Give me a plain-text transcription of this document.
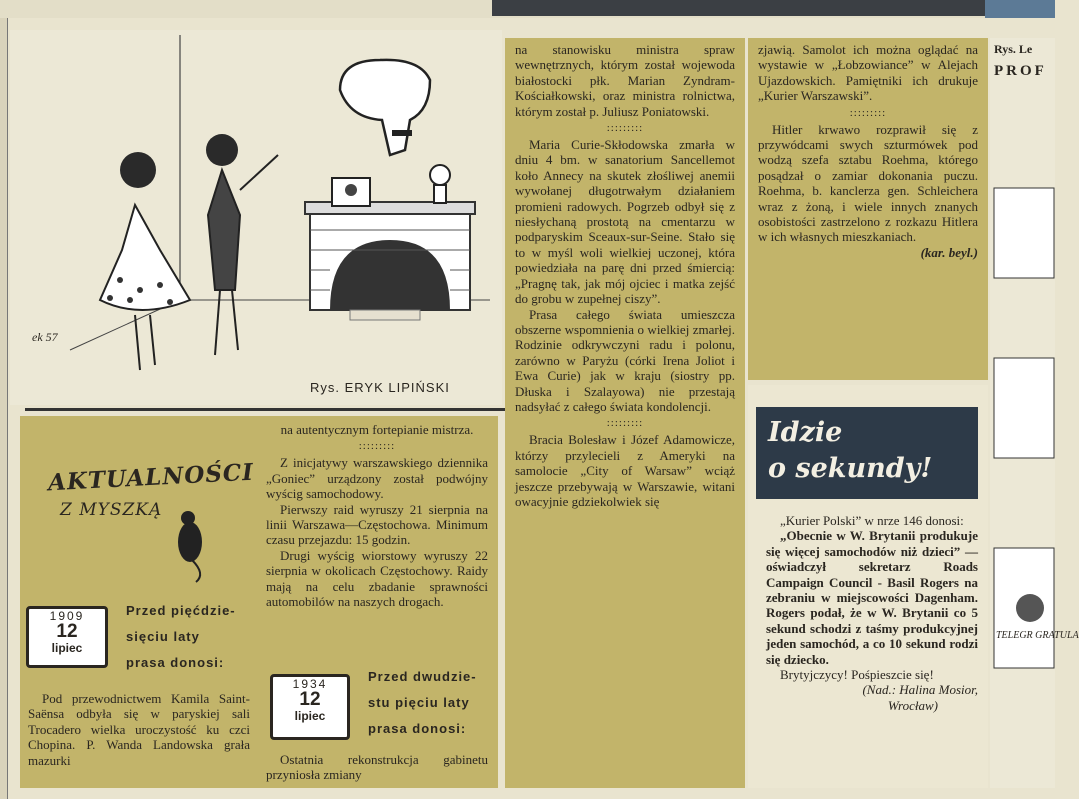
ek 57
Rys. ERYK LIPIŃSKI
AKTUALNOŚCI
Z MYSZKĄ
1909
12
lipiec
Przed pięćdzie-
sięciu laty
prasa donosi:

Pod przewodnictwem Kamila Saint-Saënsa odbyła się w paryskiej sali Trocadero wielka uroczystość ku czci Chopina. P. Wanda Landowska grała mazurki

na autentycznym fortepianie mistrza.
:::::::::

Z inicjatywy warszawskiego dziennika „Goniec” urządzony został podwójny wyścig samochodowy.

Pierwszy raid wyruszy 21 sierpnia na linii Warszawa—Częstochowa. Minimum czasu przejazdu: 15 godzin.

Drugi wyścig wiorstowy wyruszy 22 sierpnia w okolicach Częstochowy. Raidy mają na celu zbadanie sprawności automobilów na naszych drogach.

1934
12
lipiec
Przed dwudzie-
stu pięciu laty
prasa donosi:

Ostatnia rekonstrukcja gabinetu przyniosła zmiany

na stanowisku ministra spraw wewnętrznych, którym został wojewoda białostocki płk. Marian Zyndram-Kościałkowski, oraz ministra rolnictwa, którym został p. Juliusz Poniatowski.
:::::::::

Maria Curie-Skłodowska zmarła w dniu 4 bm. w sanatorium Sancellemot koło Annecy na skutek złośliwej anemii wywołanej długotrwałym działaniem promieni radowych. Pogrzeb odbył się z niesłychaną prostotą na cmentarzu w podparyskim Sceaux-sur-Seine. Stało się to w myśl woli wielkiej uczonej, która powiedziała na parę dni przed śmiercią: „Pragnę tak, jak mój ojciec i matka zejść do grobu w zupełnej ciszy”.

Prasa całego świata umieszcza obszerne wspomnienia o wielkiej zmarłej. Rodzinie odkrywczyni radu i polonu, zarówno w Paryżu (córki Irena Joliot i Ewa Curie) jak w kraju (siostry pp. Dłuska i Szalayowa) nie przestają nadsyłać z całego świata kondolencji.

:::::::::

Bracia Bolesław i Józef Adamowicze, którzy przylecieli z Ameryki na samolocie „City of Warsaw” wciąż jeszcze przebywają w Warszawie, witani owacyjnie gdziekolwiek się

zjawią. Samolot ich można oglądać na wystawie w „Łobzowiance” w Alejach Ujazdowskich. Pamiętniki ich drukuje „Kurier Warszawski”.
:::::::::

Hitler krwawo rozprawił się z przywódcami swych szturmówek pod wodzą szefa sztabu Roehma, którego posądzał o zamiar dokonania puczu. Roehma, b. kanclerza gen. Schleichera wraz z żoną, i wiele innych znanych osobistości zastrzelono z rozkazu Hitlera w ich własnych mieszkaniach.

(kar. beyl.)
Idzie
o sekundy!

„Kurier Polski” w nrze 146 donosi:

„Obecnie w W. Brytanii produkuje się więcej samochodów niż dzieci” — oświadczył sekretarz Roads Campaign Council - Basil Rogers na zebraniu w miejscowości Dagenham. Rogers podał, że w W. Brytanii co 5 sekund schodzi z taśmy produkcyjnej jeden samochód, a co 10 sekund rodzi się dziecko.

Brytyjczycy! Pośpieszcie się!

(Nad.: Halina Mosior,
Wrocław)
Rys. Le
PROF
TELEGR GRATULA
